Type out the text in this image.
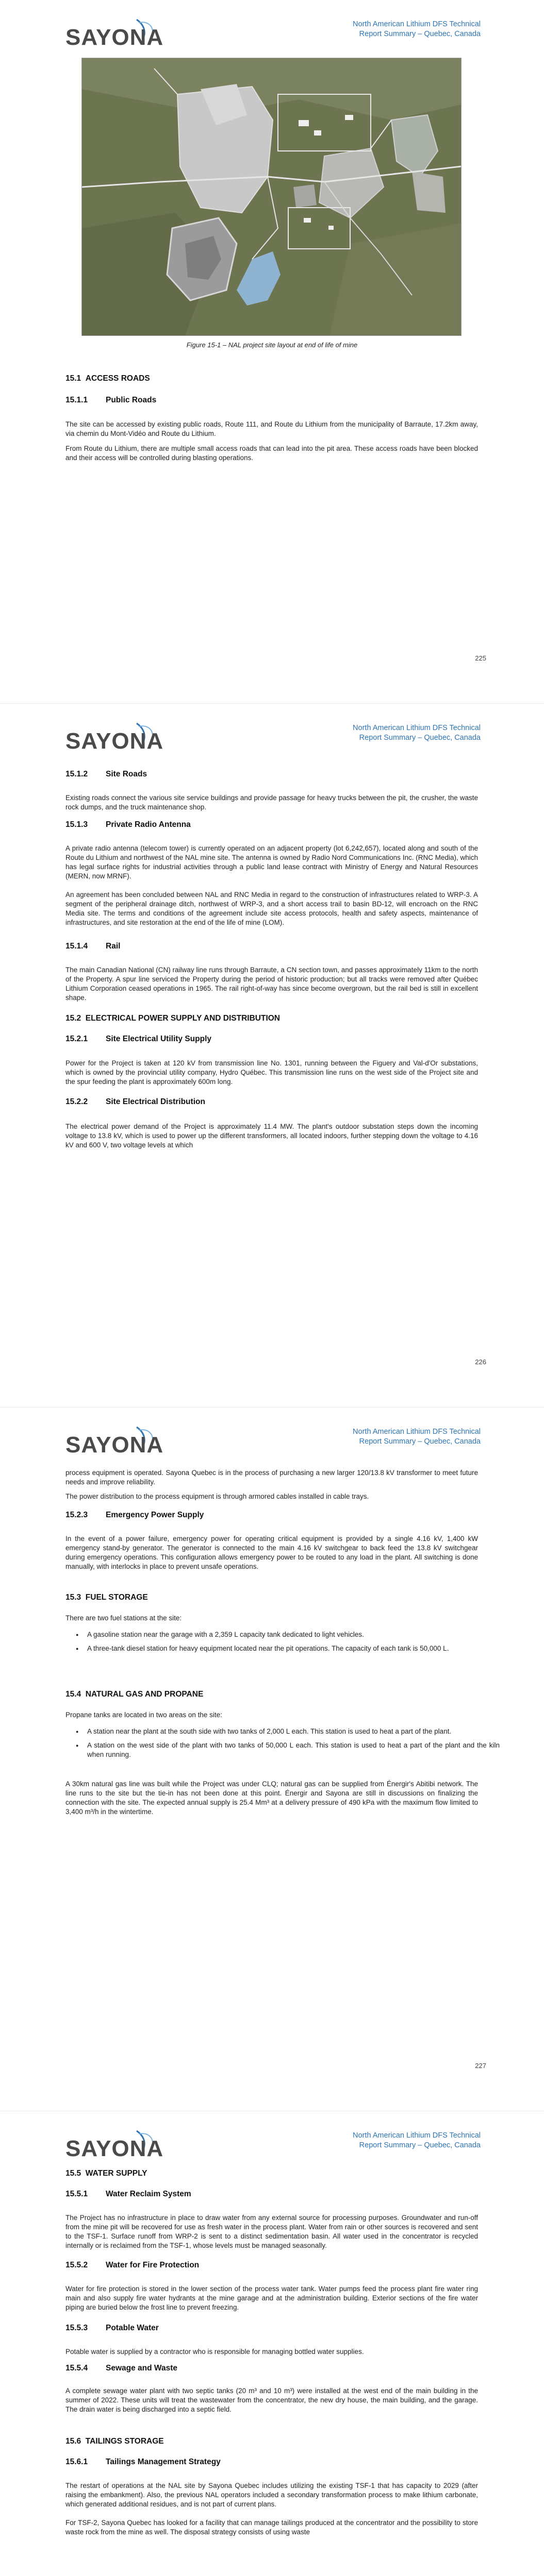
SAYONA
North American Lithium DFS Technical
Report Summary – Quebec, Canada
Figure 15-1 – NAL project site layout at end of life of mine
15.1 ACCESS ROADS
15.1.1 Public Roads
The site can be accessed by existing public roads, Route 111, and Route du Lithium from the municipality of Barraute, 17.2km away, via chemin du Mont-Vidéo and Route du Lithium.
From Route du Lithium, there are multiple small access roads that can lead into the pit area. These access roads have been blocked and their access will be controlled during blasting operations.
225
SAYONA
North American Lithium DFS Technical
Report Summary – Quebec, Canada
15.1.2 Site Roads
Existing roads connect the various site service buildings and provide passage for heavy trucks between the pit, the crusher, the waste rock dumps, and the truck maintenance shop.
15.1.3 Private Radio Antenna
A private radio antenna (telecom tower) is currently operated on an adjacent property (lot 6,242,657), located along and south of the Route du Lithium and northwest of the NAL mine site. The antenna is owned by Radio Nord Communications Inc. (RNC Media), which has legal surface rights for industrial activities through a public land lease contract with Ministry of Energy and Natural Resources (MERN, now MRNF).
An agreement has been concluded between NAL and RNC Media in regard to the construction of infrastructures related to WRP-3. A segment of the peripheral drainage ditch, northwest of WRP-3, and a short access trail to basin BD-12, will encroach on the RNC Media site. The terms and conditions of the agreement include site access protocols, health and safety aspects, maintenance of infrastructures, and site restoration at the end of the life of mine (LOM).
15.1.4 Rail
The main Canadian National (CN) railway line runs through Barraute, a CN section town, and passes approximately 11km to the north of the Property. A spur line serviced the Property during the period of historic production; but all tracks were removed after Québec Lithium Corporation ceased operations in 1965. The rail right-of-way has since become overgrown, but the rail bed is still in excellent shape.
15.2 ELECTRICAL POWER SUPPLY AND DISTRIBUTION
15.2.1 Site Electrical Utility Supply
Power for the Project is taken at 120 kV from transmission line No. 1301, running between the Figuery and Val-d'Or substations, which is owned by the provincial utility company, Hydro Québec. This transmission line runs on the west side of the Project site and the spur feeding the plant is approximately 600m long.
15.2.2 Site Electrical Distribution
The electrical power demand of the Project is approximately 11.4 MW. The plant's outdoor substation steps down the incoming voltage to 13.8 kV, which is used to power up the different transformers, all located indoors, further stepping down the voltage to 4.16 kV and 600 V, two voltage levels at which
226
SAYONA
North American Lithium DFS Technical
Report Summary – Quebec, Canada
process equipment is operated. Sayona Quebec is in the process of purchasing a new larger 120/13.8 kV transformer to meet future needs and improve reliability.
The power distribution to the process equipment is through armored cables installed in cable trays.
15.2.3 Emergency Power Supply
In the event of a power failure, emergency power for operating critical equipment is provided by a single 4.16 kV, 1,400 kW emergency stand-by generator. The generator is connected to the main 4.16 kV switchgear to back feed the 13.8 kV switchgear during emergency operations. This configuration allows emergency power to be routed to any load in the plant. All switching is done manually, with interlocks in place to prevent unsafe operations.
15.3 FUEL STORAGE
There are two fuel stations at the site:
● A gasoline station near the garage with a 2,359 L capacity tank dedicated to light vehicles.
● A three-tank diesel station for heavy equipment located near the pit operations. The capacity of each tank is 50,000 L.
15.4 NATURAL GAS AND PROPANE
Propane tanks are located in two areas on the site:
● A station near the plant at the south side with two tanks of 2,000 L each. This station is used to heat a part of the plant.
● A station on the west side of the plant with two tanks of 50,000 L each. This station is used to heat a part of the plant and the kiln when running.
A 30km natural gas line was built while the Project was under CLQ; natural gas can be supplied from Énergir's Abitibi network. The line runs to the site but the tie-in has not been done at this point. Énergir and Sayona are still in discussions on finalizing the connection with the site. The expected annual supply is 25.4 Mm³ at a delivery pressure of 490 kPa with the maximum flow limited to 3,400 m³/h in the wintertime.
227
SAYONA
North American Lithium DFS Technical
Report Summary – Quebec, Canada
15.5 WATER SUPPLY
15.5.1 Water Reclaim System
The Project has no infrastructure in place to draw water from any external source for processing purposes. Groundwater and run-off from the mine pit will be recovered for use as fresh water in the process plant. Water from rain or other sources is recovered and sent to the TSF-1. Surface runoff from WRP-2 is sent to a distinct sedimentation basin. All water used in the concentrator is recycled internally or is reclaimed from the TSF-1, whose levels must be managed seasonally.
15.5.2 Water for Fire Protection
Water for fire protection is stored in the lower section of the process water tank. Water pumps feed the process plant fire water ring main and also supply fire water hydrants at the mine garage and at the administration building. Exterior sections of the fire water piping are buried below the frost line to prevent freezing.
15.5.3 Potable Water
Potable water is supplied by a contractor who is responsible for managing bottled water supplies.
15.5.4 Sewage and Waste
A complete sewage water plant with two septic tanks (20 m³ and 10 m³) were installed at the west end of the main building in the summer of 2022. These units will treat the wastewater from the concentrator, the new dry house, the main building, and the garage. The drain water is being discharged into a septic field.
15.6 TAILINGS STORAGE
15.6.1 Tailings Management Strategy
The restart of operations at the NAL site by Sayona Quebec includes utilizing the existing TSF-1 that has capacity to 2029 (after raising the embankment). Also, the previous NAL operators included a secondary transformation process to make lithium carbonate, which generated additional residues, and is not part of current plans.
For TSF-2, Sayona Quebec has looked for a facility that can manage tailings produced at the concentrator and the possibility to store waste rock from the mine as well. The disposal strategy consists of using waste
